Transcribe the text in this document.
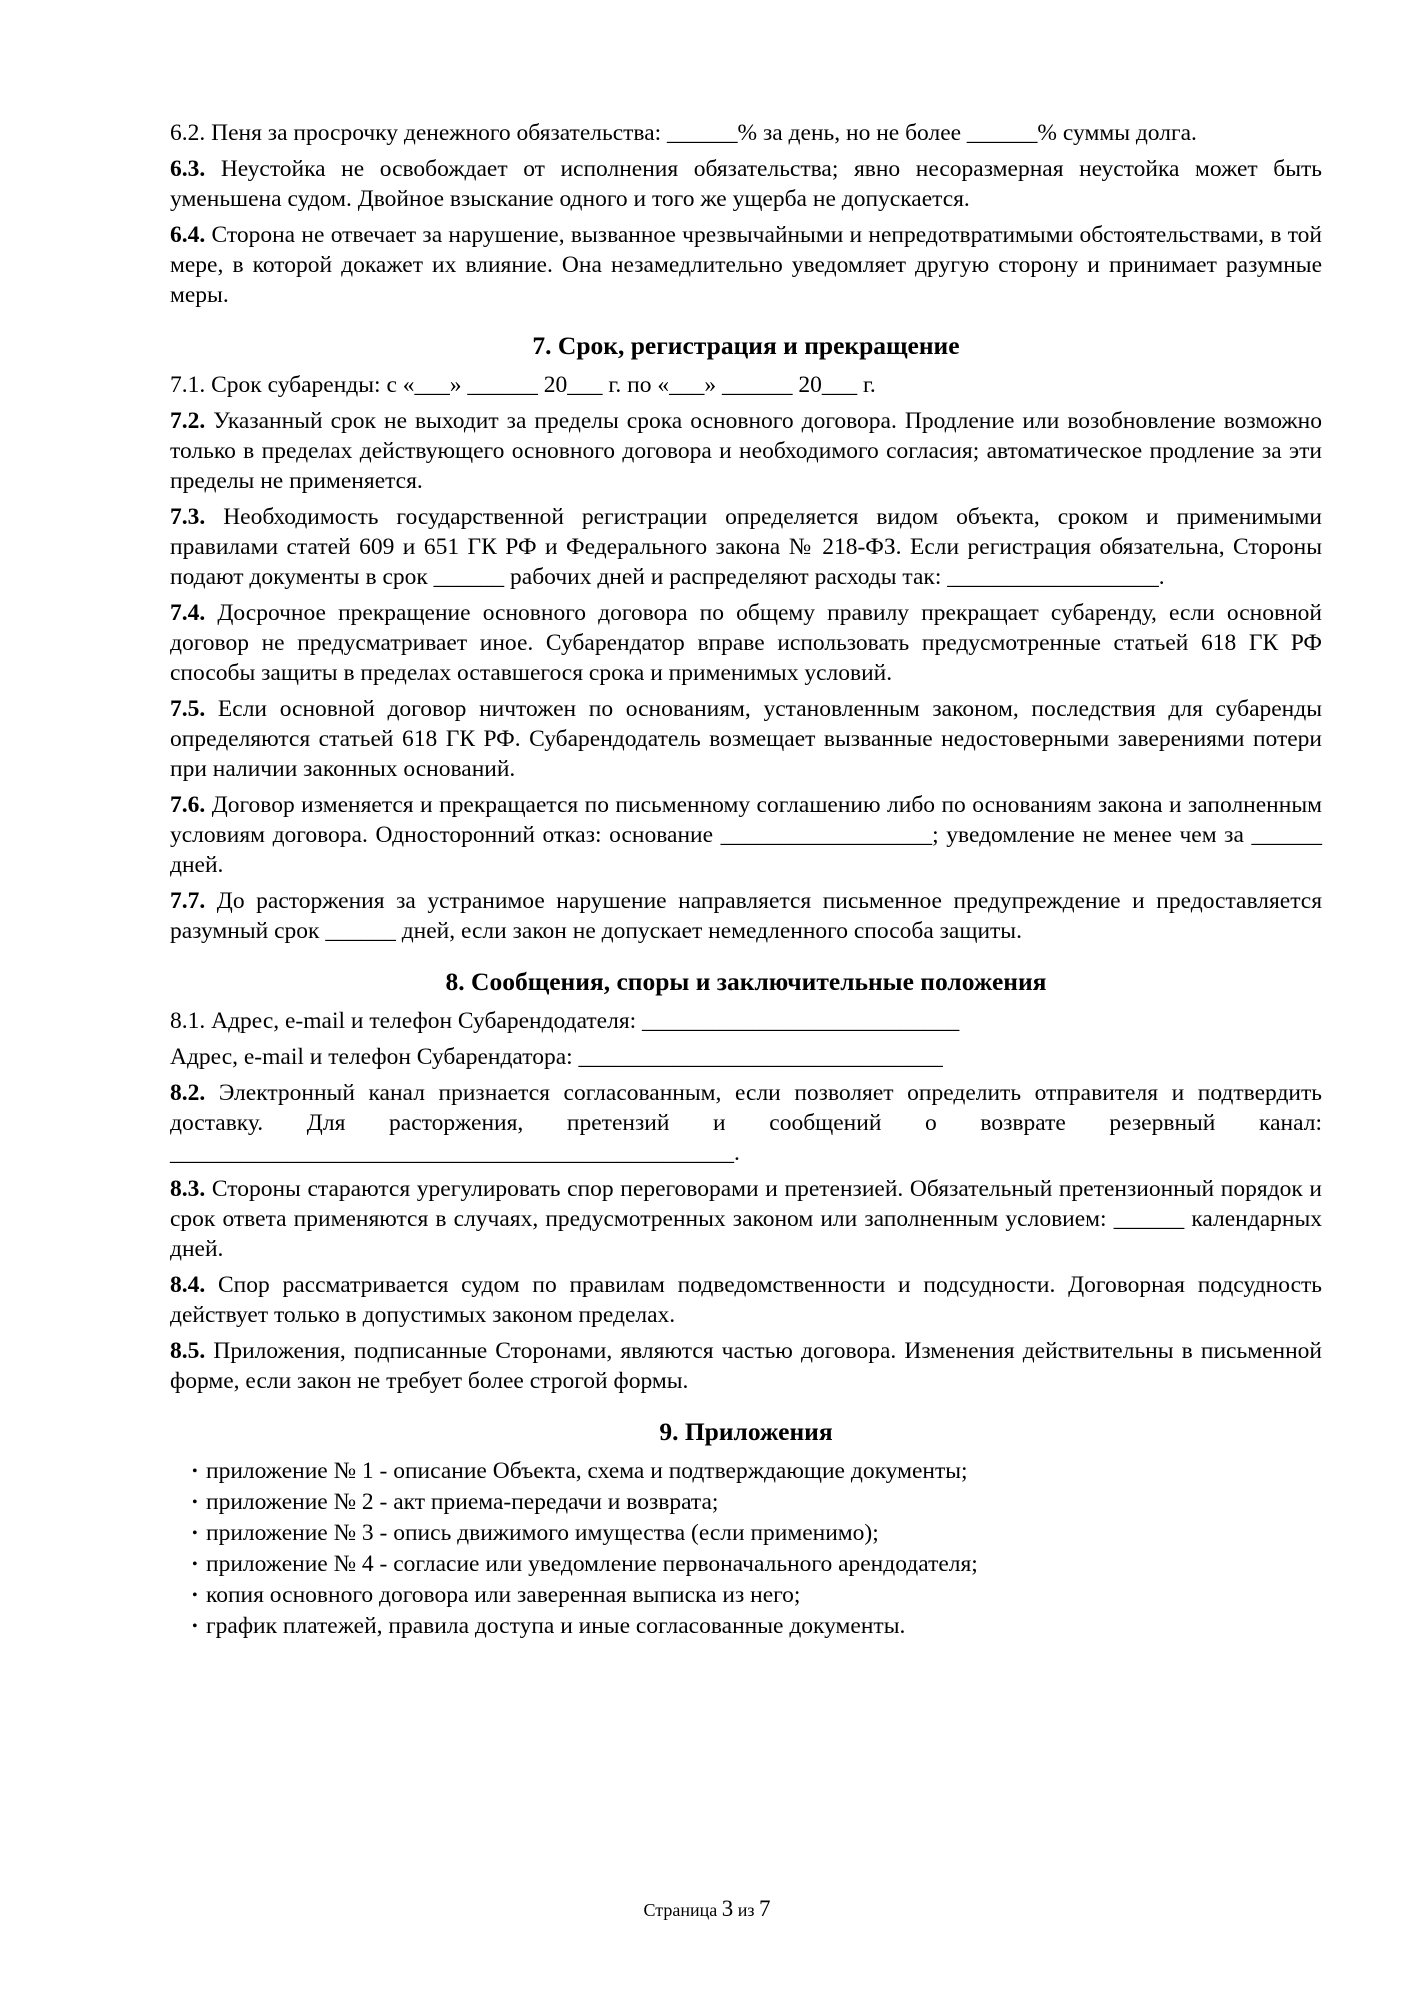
6.2. Пеня за просрочку денежного обязательства: ______% за день, но не более ______% суммы долга.

6.3. Неустойка не освобождает от исполнения обязательства; явно несоразмерная неустойка может быть уменьшена судом. Двойное взыскание одного и того же ущерба не допускается.

6.4. Сторона не отвечает за нарушение, вызванное чрезвычайными и непредотвратимыми обстоятельствами, в той мере, в которой докажет их влияние. Она незамедлительно уведомляет другую сторону и принимает разумные меры.

7. Срок, регистрация и прекращение

7.1. Срок субаренды: с «___» ______ 20___ г. по «___» ______ 20___ г.

7.2. Указанный срок не выходит за пределы срока основного договора. Продление или возобновление возможно только в пределах действующего основного договора и необходимого согласия; автоматическое продление за эти пределы не применяется.

7.3. Необходимость государственной регистрации определяется видом объекта, сроком и применимыми правилами статей 609 и 651 ГК РФ и Федерального закона № 218-ФЗ. Если регистрация обязательна, Стороны подают документы в срок ______ рабочих дней и распределяют расходы так: __________________.

7.4. Досрочное прекращение основного договора по общему правилу прекращает субаренду, если основной договор не предусматривает иное. Субарендатор вправе использовать предусмотренные статьей 618 ГК РФ способы защиты в пределах оставшегося срока и применимых условий.

7.5. Если основной договор ничтожен по основаниям, установленным законом, последствия для субаренды определяются статьей 618 ГК РФ. Субарендодатель возмещает вызванные недостоверными заверениями потери при наличии законных оснований.

7.6. Договор изменяется и прекращается по письменному соглашению либо по основаниям закона и заполненным условиям договора. Односторонний отказ: основание __________________; уведомление не менее чем за ______ дней.

7.7. До расторжения за устранимое нарушение направляется письменное предупреждение и предоставляется разумный срок ______ дней, если закон не допускает немедленного способа защиты.

8. Сообщения, споры и заключительные положения

8.1. Адрес, e-mail и телефон Субарендодателя: ___________________________

Адрес, e-mail и телефон Субарендатора: _______________________________

8.2. Электронный канал признается согласованным, если позволяет определить отправителя и подтвердить доставку. Для расторжения, претензий и сообщений о возврате резервный канал: ________________________________________________.

8.3. Стороны стараются урегулировать спор переговорами и претензией. Обязательный претензионный порядок и срок ответа применяются в случаях, предусмотренных законом или заполненным условием: ______ календарных дней.

8.4. Спор рассматривается судом по правилам подведомственности и подсудности. Договорная подсудность действует только в допустимых законом пределах.

8.5. Приложения, подписанные Сторонами, являются частью договора. Изменения действительны в письменной форме, если закон не требует более строгой формы.

9. Приложения
• приложение № 1 - описание Объекта, схема и подтверждающие документы;
• приложение № 2 - акт приема-передачи и возврата;
• приложение № 3 - опись движимого имущества (если применимо);
• приложение № 4 - согласие или уведомление первоначального арендодателя;
• копия основного договора или заверенная выписка из него;
• график платежей, правила доступа и иные согласованные документы.
Страница 3 из 7
